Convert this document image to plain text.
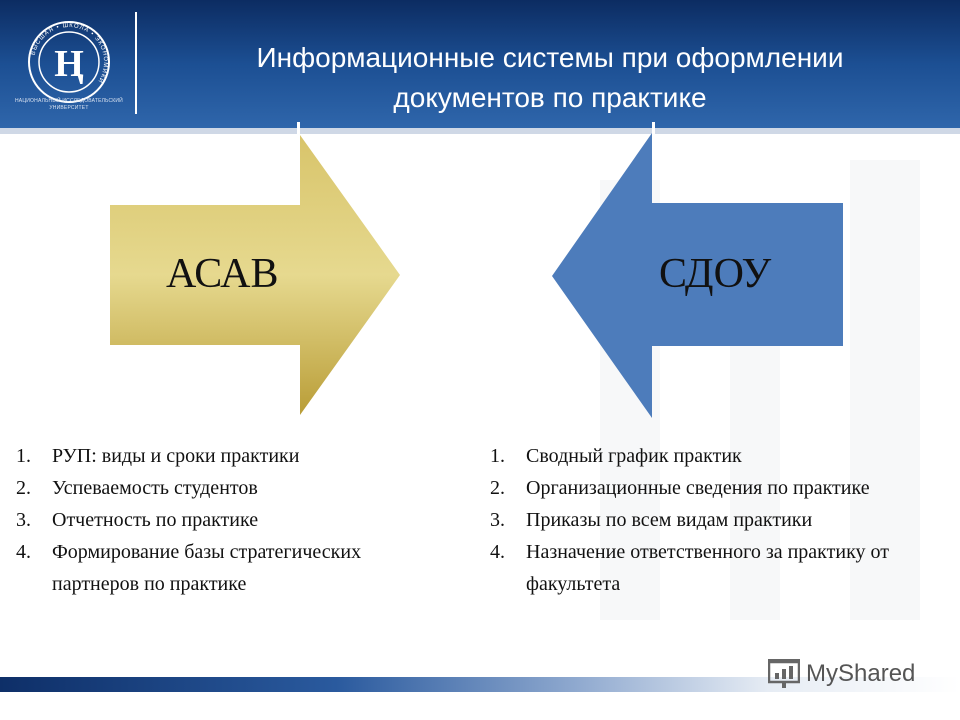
ВЫСШАЯ • ШКОЛА • ЭКОНОМИКИ
Ⱨ
НАЦИОНАЛЬНЫЙ ИССЛЕДОВАТЕЛЬСКИЙ
УНИВЕРСИТЕТ
Информационные системы при оформлении
документов по практике
АСАВ	СДОУ
1. РУП: виды и сроки практики
2. Успеваемость студентов
3. Отчетность по практике
4. Формирование базы стратегических партнеров по практике
1. Сводный график практик
2. Организационные сведения по практике
3. Приказы по всем видам практики
4. Назначение ответственного за практику от факультета
MyShared
